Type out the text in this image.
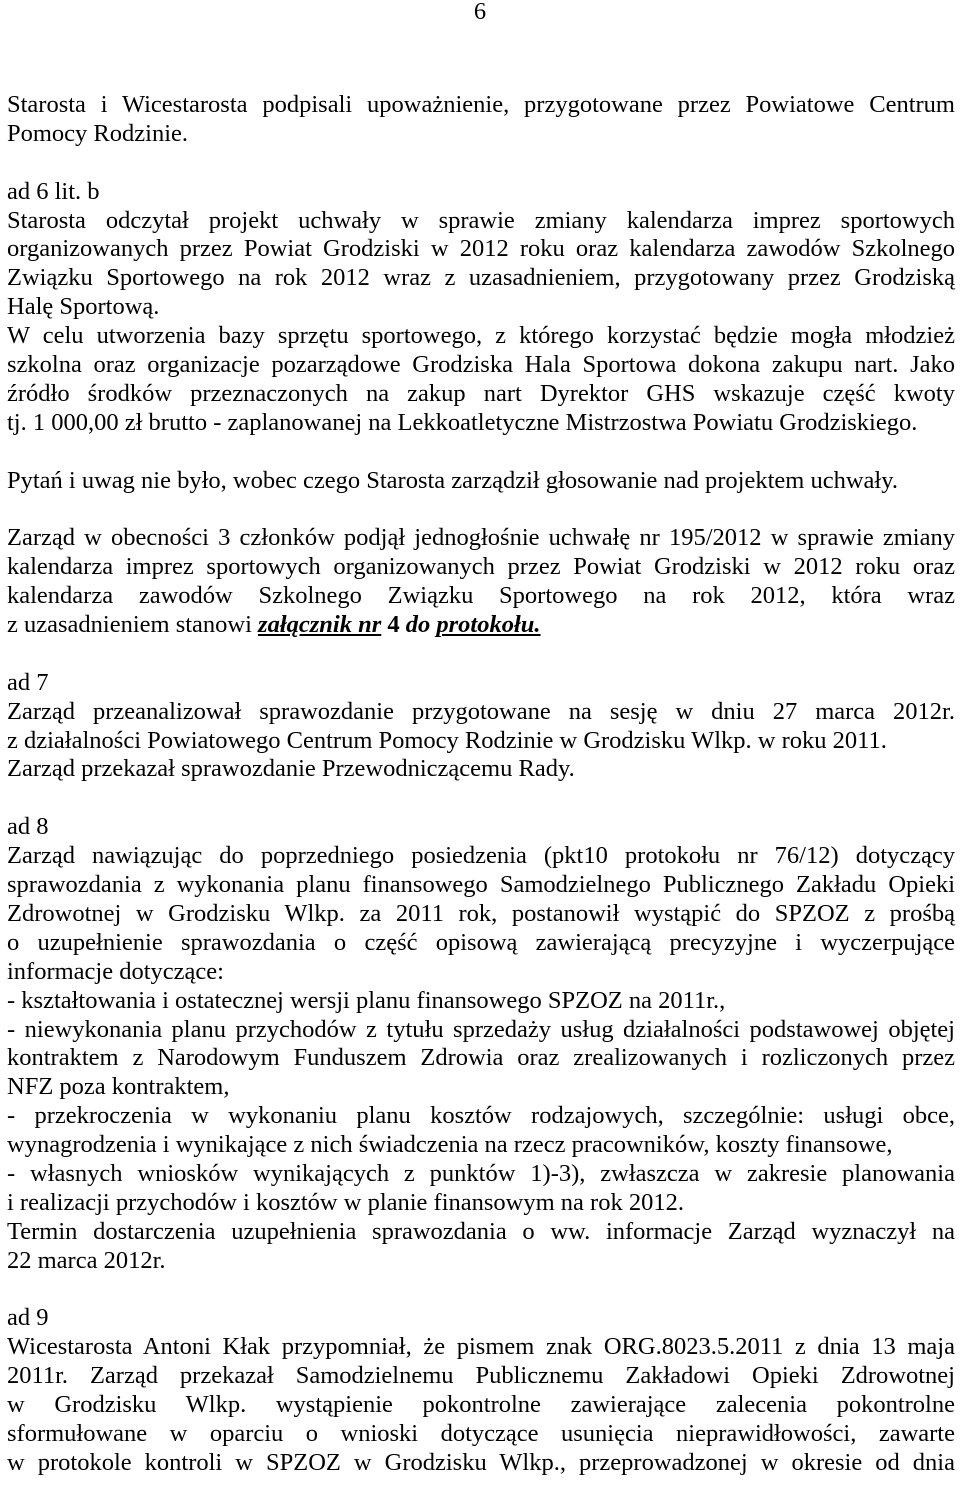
6
Starosta i Wicestarosta podpisali upoważnienie, przygotowane przez Powiatowe Centrum
Pomocy Rodzinie.
ad 6 lit. b
Starosta odczytał projekt uchwały w sprawie zmiany kalendarza imprez sportowych
organizowanych przez Powiat Grodziski w 2012 roku oraz kalendarza zawodów Szkolnego
Związku Sportowego na rok 2012 wraz z uzasadnieniem, przygotowany przez Grodziską
Halę Sportową.
W celu utworzenia bazy sprzętu sportowego, z którego korzystać będzie mogła młodzież
szkolna oraz organizacje pozarządowe Grodziska Hala Sportowa dokona zakupu nart. Jako
źródło środków przeznaczonych na zakup nart Dyrektor GHS wskazuje część kwoty
tj. 1 000,00 zł brutto - zaplanowanej na Lekkoatletyczne Mistrzostwa Powiatu Grodziskiego.
Pytań i uwag nie było, wobec czego Starosta zarządził głosowanie nad projektem uchwały.
Zarząd w obecności 3 członków podjął jednogłośnie uchwałę nr 195/2012 w sprawie zmiany
kalendarza imprez sportowych organizowanych przez Powiat Grodziski w 2012 roku oraz
kalendarza zawodów Szkolnego Związku Sportowego na rok 2012, która wraz
z uzasadnieniem stanowi załącznik nr 4 do protokołu.
ad 7
Zarząd przeanalizował sprawozdanie przygotowane na sesję w dniu 27 marca 2012r.
z działalności Powiatowego Centrum Pomocy Rodzinie w Grodzisku Wlkp. w roku 2011.
Zarząd przekazał sprawozdanie Przewodniczącemu Rady.
ad 8
Zarząd nawiązując do poprzedniego posiedzenia (pkt10 protokołu nr 76/12) dotyczący
sprawozdania z wykonania planu finansowego Samodzielnego Publicznego Zakładu Opieki
Zdrowotnej w Grodzisku Wlkp. za 2011 rok, postanowił wystąpić do SPZOZ z prośbą
o uzupełnienie sprawozdania o część opisową zawierającą precyzyjne i wyczerpujące
informacje dotyczące:
- kształtowania i ostatecznej wersji planu finansowego SPZOZ na 2011r.,
- niewykonania planu przychodów z tytułu sprzedaży usług działalności podstawowej objętej
kontraktem z Narodowym Funduszem Zdrowia oraz zrealizowanych i rozliczonych przez
NFZ poza kontraktem,
- przekroczenia w wykonaniu planu kosztów rodzajowych, szczególnie: usługi obce,
wynagrodzenia i wynikające z nich świadczenia na rzecz pracowników, koszty finansowe,
- własnych wniosków wynikających z punktów 1)-3), zwłaszcza w zakresie planowania
i realizacji przychodów i kosztów w planie finansowym na rok 2012.
Termin dostarczenia uzupełnienia sprawozdania o ww. informacje Zarząd wyznaczył na
22 marca 2012r.
ad 9
Wicestarosta Antoni Kłak przypomniał, że pismem znak ORG.8023.5.2011 z dnia 13 maja
2011r. Zarząd przekazał Samodzielnemu Publicznemu Zakładowi Opieki Zdrowotnej
w Grodzisku Wlkp. wystąpienie pokontrolne zawierające zalecenia pokontrolne
sformułowane w oparciu o wnioski dotyczące usunięcia nieprawidłowości, zawarte
w protokole kontroli w SPZOZ w Grodzisku Wlkp., przeprowadzonej w okresie od dnia
